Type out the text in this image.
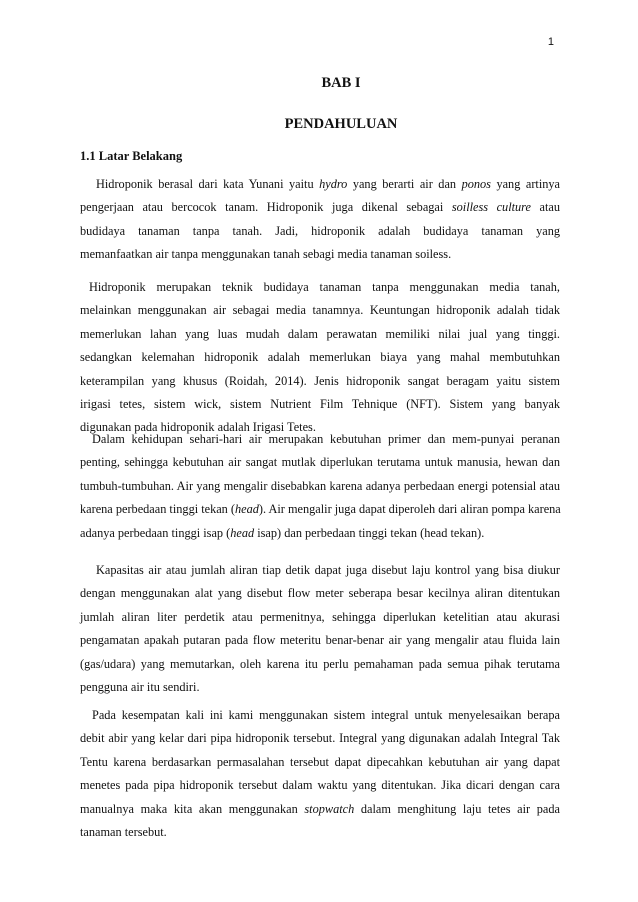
1
BAB I
PENDAHULUAN
1.1 Latar Belakang
Hidroponik berasal dari kata Yunani yaitu hydro yang berarti air dan ponos yang artinya
pengerjaan atau bercocok tanam. Hidroponik juga dikenal sebagai soilless culture atau
budidaya tanaman tanpa tanah. Jadi, hidroponik adalah budidaya tanaman yang
memanfaatkan air tanpa menggunakan tanah sebagi media tanaman soiless.
Hidroponik merupakan teknik budidaya tanaman tanpa menggunakan media tanah,
melainkan menggunakan air sebagai media tanamnya. Keuntungan hidroponik adalah tidak
memerlukan lahan yang luas mudah dalam perawatan memiliki nilai jual yang tinggi.
sedangkan kelemahan hidroponik adalah memerlukan biaya yang mahal membutuhkan
keterampilan yang khusus (Roidah, 2014). Jenis hidroponik sangat beragam yaitu sistem
irigasi tetes, sistem wick, sistem Nutrient Film Tehnique (NFT). Sistem yang banyak
digunakan pada hidroponik adalah Irigasi Tetes.
Dalam kehidupan sehari-hari air merupakan kebutuhan primer dan mem-punyai peranan
penting, sehingga kebutuhan air sangat mutlak diperlukan terutama untuk manusia, hewan dan
tumbuh-tumbuhan. Air yang mengalir disebabkan karena adanya perbedaan energi potensial atau
karena perbedaan tinggi tekan (head). Air mengalir juga dapat diperoleh dari aliran pompa karena
adanya perbedaan tinggi isap (head isap) dan perbedaan tinggi tekan (head tekan).
Kapasitas air atau jumlah aliran tiap detik dapat juga disebut laju kontrol yang bisa diukur
dengan menggunakan alat yang disebut flow meter seberapa besar kecilnya aliran ditentukan
jumlah aliran liter perdetik atau permenitnya, sehingga diperlukan ketelitian atau akurasi
pengamatan apakah putaran pada flow meteritu benar-benar air yang mengalir atau fluida lain
(gas/udara) yang memutarkan, oleh karena itu perlu pemahaman pada semua pihak terutama
pengguna air itu sendiri.
Pada kesempatan kali ini kami menggunakan sistem integral untuk menyelesaikan berapa
debit abir yang kelar dari pipa hidroponik tersebut. Integral yang digunakan adalah Integral Tak
Tentu karena berdasarkan permasalahan tersebut dapat dipecahkan kebutuhan air yang dapat
menetes pada pipa hidroponik tersebut dalam waktu yang ditentukan. Jika dicari dengan cara
manualnya maka kita akan menggunakan stopwatch dalam menghitung laju tetes air pada
tanaman tersebut.
